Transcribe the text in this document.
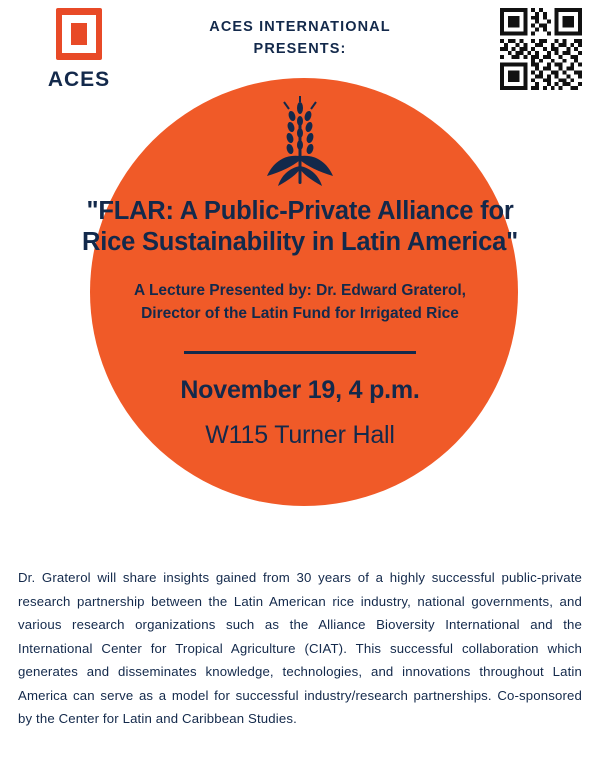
ACES
ACES INTERNATIONAL
PRESENTS:
"FLAR: A Public-Private Alliance for Rice Sustainability in Latin America"
A Lecture Presented by: Dr. Edward Graterol,
Director of the Latin Fund for Irrigated Rice
November 19, 4 p.m.
W115 Turner Hall
Dr. Graterol will share insights gained from 30 years of a highly successful public-private research partnership between the Latin American rice industry, national governments, and various research organizations such as the Alliance Bioversity International and the International Center for Tropical Agriculture (CIAT). This successful collaboration which generates and disseminates knowledge, technologies, and innovations throughout Latin America can serve as a model for successful industry/research partnerships. Co-sponsored by the Center for Latin and Caribbean Studies.
